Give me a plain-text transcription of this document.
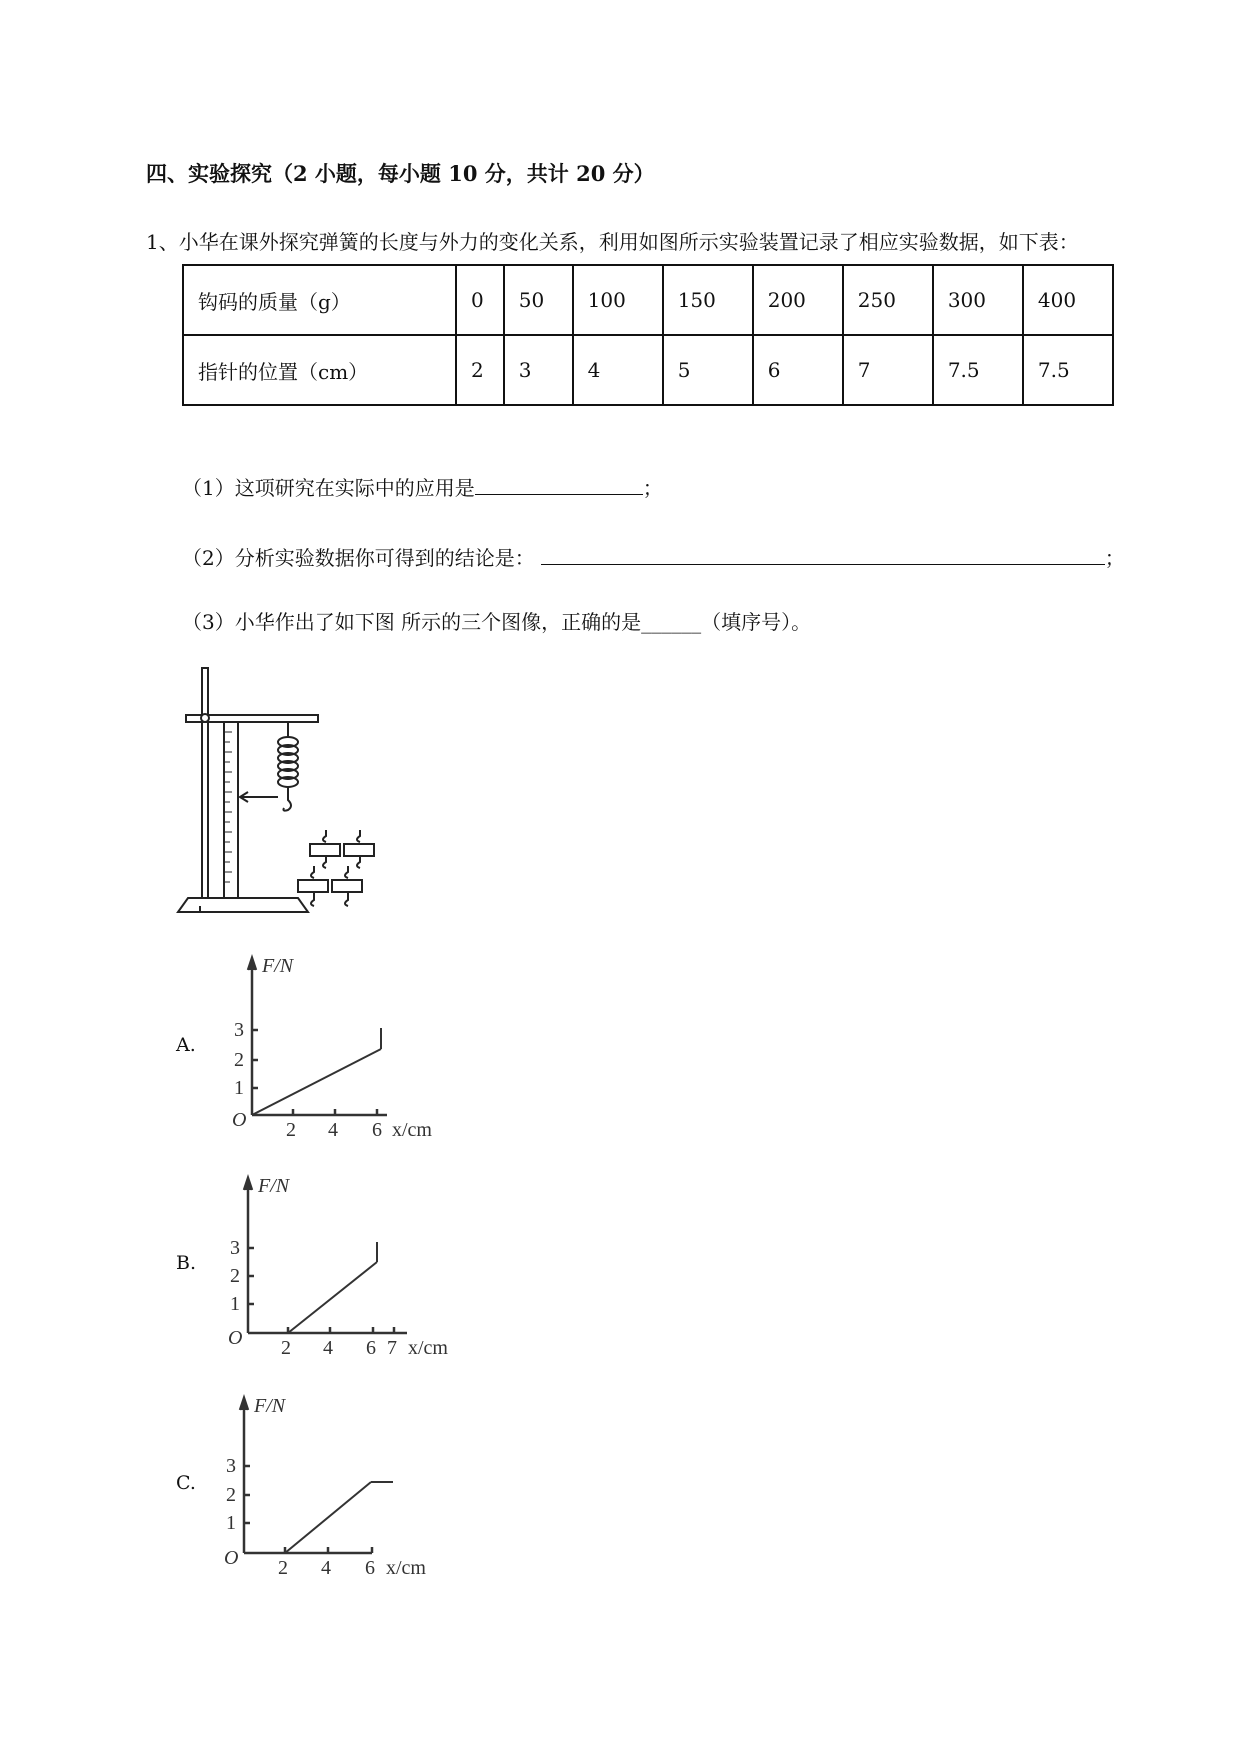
四、实验探究（2 小题，每小题 10 分，共计 20 分）
1、小华在课外探究弹簧的长度与外力的变化关系，利用如图所示实验装置记录了相应实验数据，如下表：
钩码的质量（g）	0	50	100	150	200	250	300	400
指针的位置（cm）	2	3	4	5	6	7	7.5	7.5
（1）这项研究在实际中的应用是	；
（2）分析实验数据你可得到的结论是：	；
（3）小华作出了如下图 所示的三个图像，正确的是______（填序号）。
A.
F/N
O
1
2
3
2 4 6 x/cm
B.
F/N
O
1
2
3
2 4 6 7 x/cm
C.
F/N
O
1
2
3
2 4 6 x/cm
